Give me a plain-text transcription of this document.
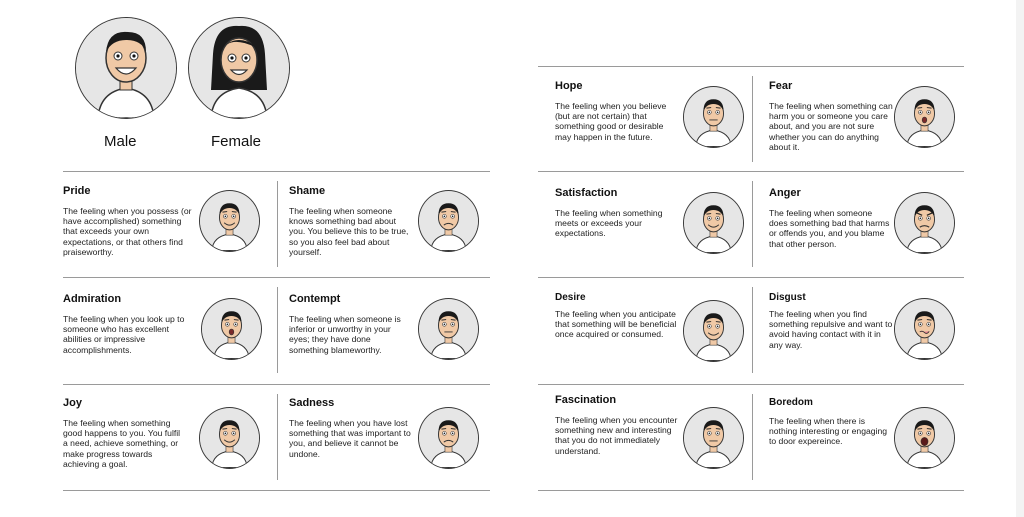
Male	Female
Pride
The feeling when you possess (or have accomplished) something that exceeds your own expectations, or that others find praiseworthy.
Shame
The feeling when someone knows something bad about you. You believe this to be true, so you also feel bad about yourself.
Admiration
The feeling when you look up to someone who has excellent abilities or impressive accomplishments.
Contempt
The feeling when someone is inferior or unworthy in your eyes; they have done something blameworthy.
Joy
The feeling when something good happens to you. You fulfil a need, achieve something, or make progress towards achieving a goal.
Sadness
The feeling when you have lost something that was important to you, and believe it cannot be undone.
Hope
The feeling when you believe (but are not certain) that something good or desirable may happen in the future.
Fear
The feeling when something can harm you or someone you care about, and you are not sure whether you can do anything about it.
Satisfaction
The feeling when something meets or exceeds your expectations.
Anger
The feeling when someone does something bad that harms or offends you, and you blame that other person.
Desire
The feeling when you anticipate that something will be beneficial once acquired or consumed.
Disgust
The feeling when you find something repulsive and want to avoid having contact with it in any way.
Fascination
The feeling when you encounter something new and interesting that you do not immediately understand.
Boredom
The feeling when there is nothing interesting or engaging to door expereince.
